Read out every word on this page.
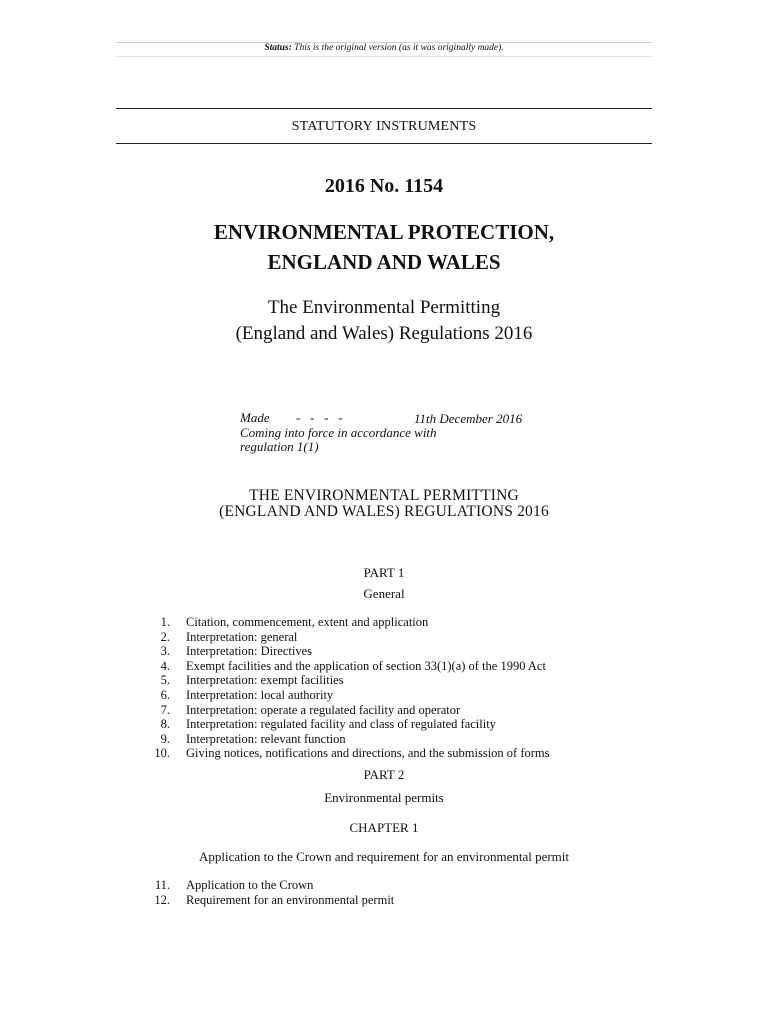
Status: This is the original version (as it was originally made).
STATUTORY INSTRUMENTS
2016 No. 1154
ENVIRONMENTAL PROTECTION,
ENGLAND AND WALES
The Environmental Permitting
(England and Wales) Regulations 2016
Made -   -   -   -	11th December 2016
Coming into force in accordance with
regulation 1(1)
THE ENVIRONMENTAL PERMITTING
(ENGLAND AND WALES) REGULATIONS 2016
PART 1
General
1. Citation, commencement, extent and application
2. Interpretation: general
3. Interpretation: Directives
4. Exempt facilities and the application of section 33(1)(a) of the 1990 Act
5. Interpretation: exempt facilities
6. Interpretation: local authority
7. Interpretation: operate a regulated facility and operator
8. Interpretation: regulated facility and class of regulated facility
9. Interpretation: relevant function
10. Giving notices, notifications and directions, and the submission of forms
PART 2
Environmental permits
CHAPTER 1
Application to the Crown and requirement for an environmental permit
11. Application to the Crown
12. Requirement for an environmental permit
